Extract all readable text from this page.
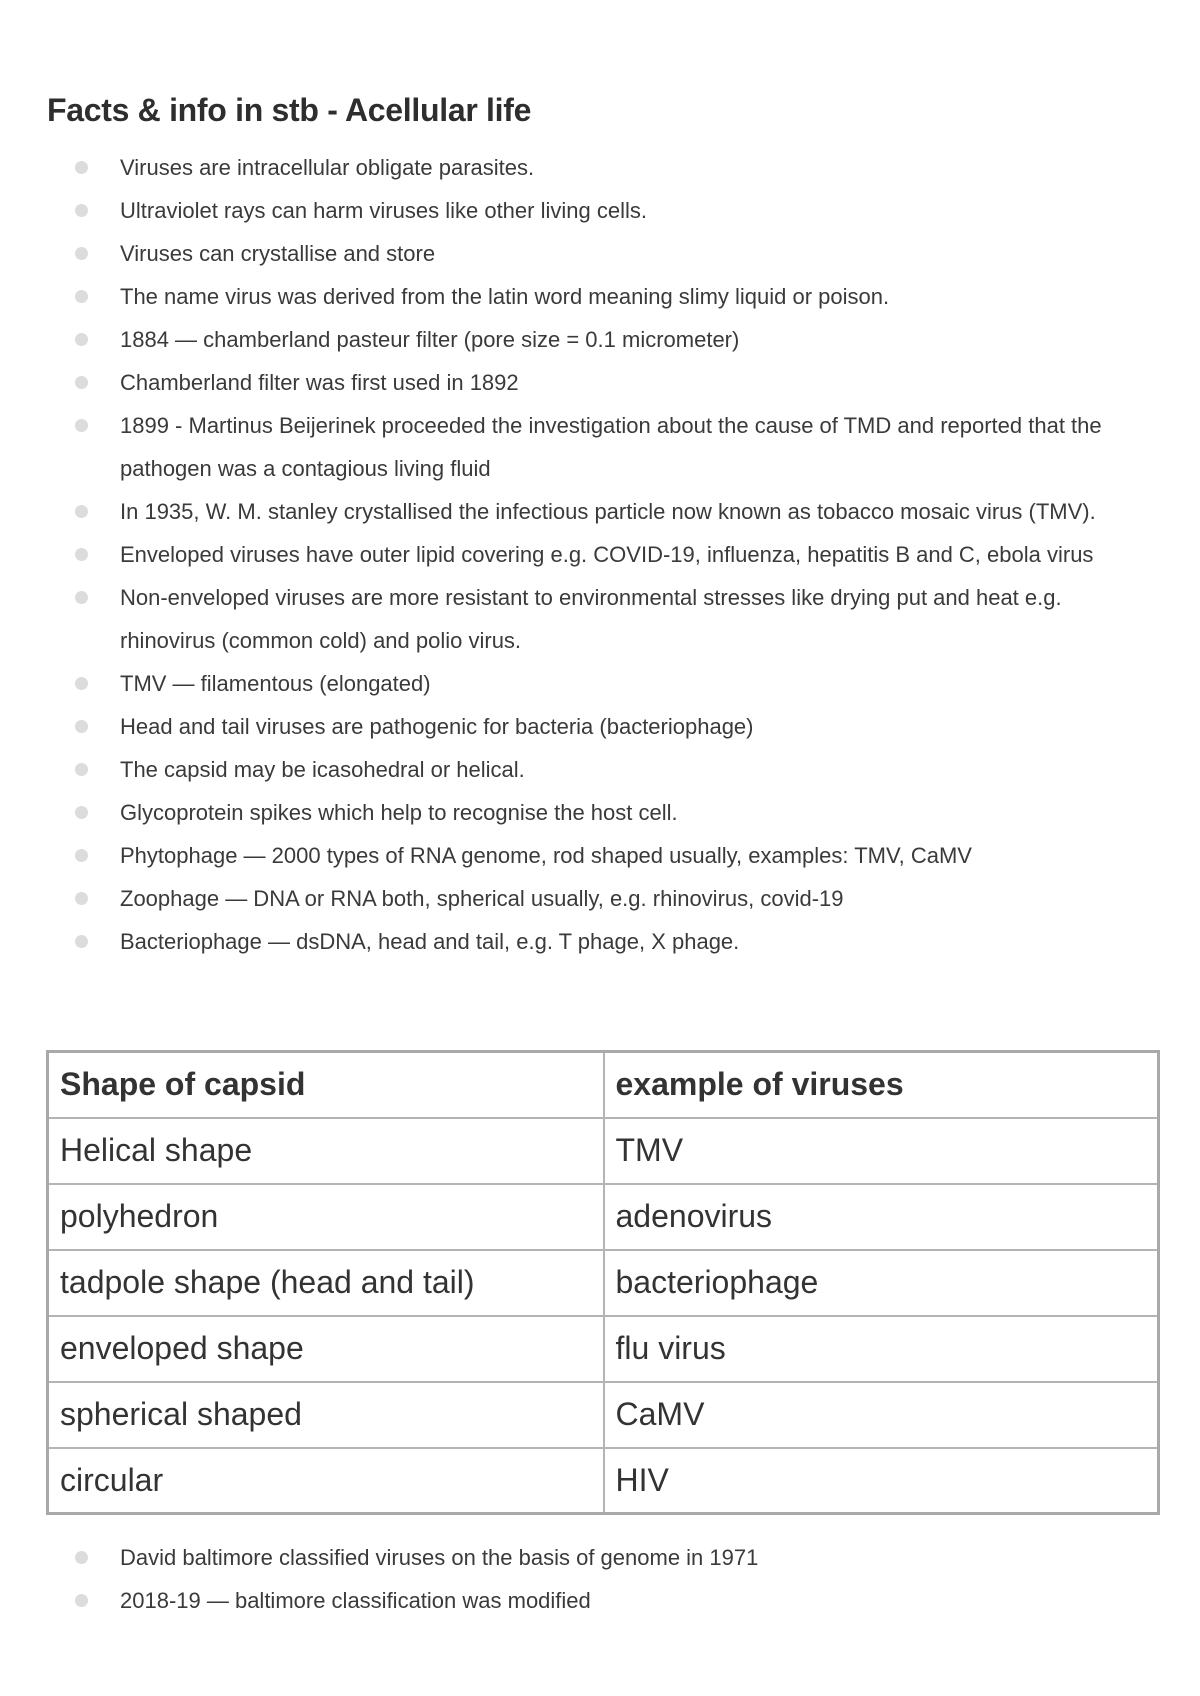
Facts & info in stb - Acellular life
Viruses are intracellular obligate parasites.
Ultraviolet rays can harm viruses like other living cells.
Viruses can crystallise and store
The name virus was derived from the latin word meaning slimy liquid or poison.
1884 — chamberland pasteur filter (pore size = 0.1 micrometer)
Chamberland filter was first used in 1892
1899 - Martinus Beijerinek proceeded the investigation about the cause of TMD and reported that the pathogen was a contagious living fluid
In 1935, W. M. stanley crystallised the infectious particle now known as tobacco mosaic virus (TMV).
Enveloped viruses have outer lipid covering e.g. COVID-19, influenza, hepatitis B and C, ebola virus
Non-enveloped viruses are more resistant to environmental stresses like drying put and heat e.g. rhinovirus (common cold) and polio virus.
TMV — filamentous (elongated)
Head and tail viruses are pathogenic for bacteria (bacteriophage)
The capsid may be icasohedral or helical.
Glycoprotein spikes which help to recognise the host cell.
Phytophage — 2000 types of RNA genome, rod shaped usually, examples: TMV, CaMV
Zoophage — DNA or RNA both, spherical usually, e.g. rhinovirus, covid-19
Bacteriophage — dsDNA, head and tail, e.g. T phage, X phage.
Shape of capsid	example of viruses
Helical shape	TMV
polyhedron	adenovirus
tadpole shape (head and tail)	bacteriophage
enveloped shape	flu virus
spherical shaped	CaMV
circular	HIV
David baltimore classified viruses on the basis of genome in 1971
2018-19 — baltimore classification was modified
